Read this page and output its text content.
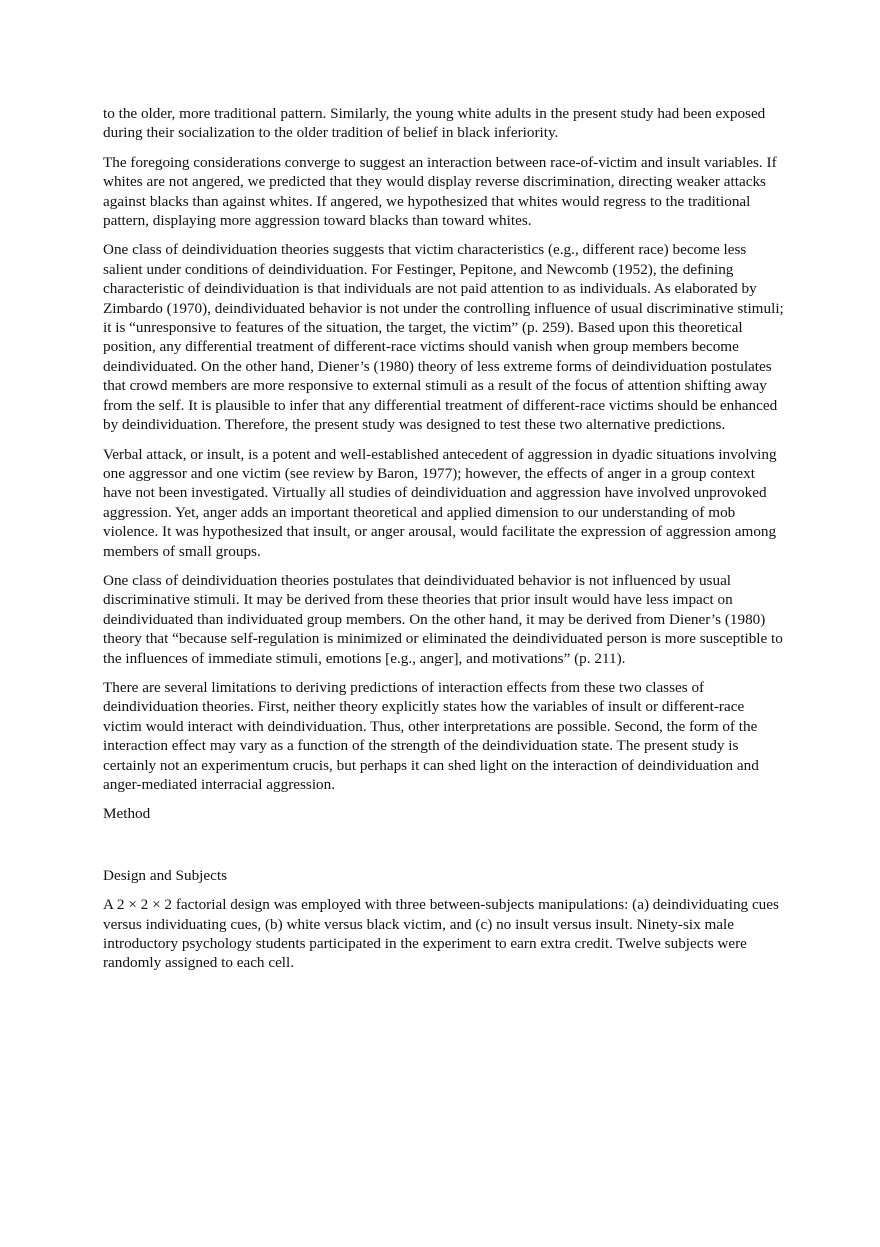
to the older, more traditional pattern. Similarly, the young white adults in the present study had been exposed during their socialization to the older tradition of belief in black inferiority.

The foregoing considerations converge to suggest an interaction between race-of-victim and insult variables. If whites are not angered, we predicted that they would display reverse discrimination, directing weaker attacks against blacks than against whites. If angered, we hypothesized that whites would regress to the traditional pattern, displaying more aggression toward blacks than toward whites.

One class of deindividuation theories suggests that victim characteristics (e.g., different race) become less salient under conditions of deindividuation. For Festinger, Pepitone, and Newcomb (1952), the defining characteristic of deindividuation is that individuals are not paid attention to as individuals. As elaborated by Zimbardo (1970), deindividuated behavior is not under the controlling influence of usual discriminative stimuli; it is “unresponsive to features of the situation, the target, the victim” (p. 259). Based upon this theoretical position, any differential treatment of different-race victims should vanish when group members become deindividuated. On the other hand, Diener’s (1980) theory of less extreme forms of deindividuation postulates that crowd members are more responsive to external stimuli as a result of the focus of attention shifting away from the self. It is plausible to infer that any differential treatment of different-race victims should be enhanced by deindividuation. Therefore, the present study was designed to test these two alternative predictions.

Verbal attack, or insult, is a potent and well-established antecedent of aggression in dyadic situations involving one aggressor and one victim (see review by Baron, 1977); however, the effects of anger in a group context have not been investigated. Virtually all studies of deindividuation and aggression have involved unprovoked aggression. Yet, anger adds an important theoretical and applied dimension to our understanding of mob violence. It was hypothesized that insult, or anger arousal, would facilitate the expression of aggression among members of small groups.

One class of deindividuation theories postulates that deindividuated behavior is not influenced by usual discriminative stimuli. It may be derived from these theories that prior insult would have less impact on deindividuated than individuated group members. On the other hand, it may be derived from Diener’s (1980) theory that “because self-regulation is minimized or eliminated the deindividuated person is more susceptible to the influences of immediate stimuli, emotions [e.g., anger], and motivations” (p. 211).

There are several limitations to deriving predictions of interaction effects from these two classes of deindividuation theories. First, neither theory explicitly states how the variables of insult or different-race victim would interact with deindividuation. Thus, other interpretations are possible. Second, the form of the interaction effect may vary as a function of the strength of the deindividuation state. The present study is certainly not an experimentum crucis, but perhaps it can shed light on the interaction of deindividuation and anger-mediated interracial aggression.

Method

Design and Subjects

A 2 × 2 × 2 factorial design was employed with three between-subjects manipulations: (a) deindividuating cues versus individuating cues, (b) white versus black victim, and (c) no insult versus insult. Ninety-six male introductory psychology students participated in the experiment to earn extra credit. Twelve subjects were randomly assigned to each cell.
